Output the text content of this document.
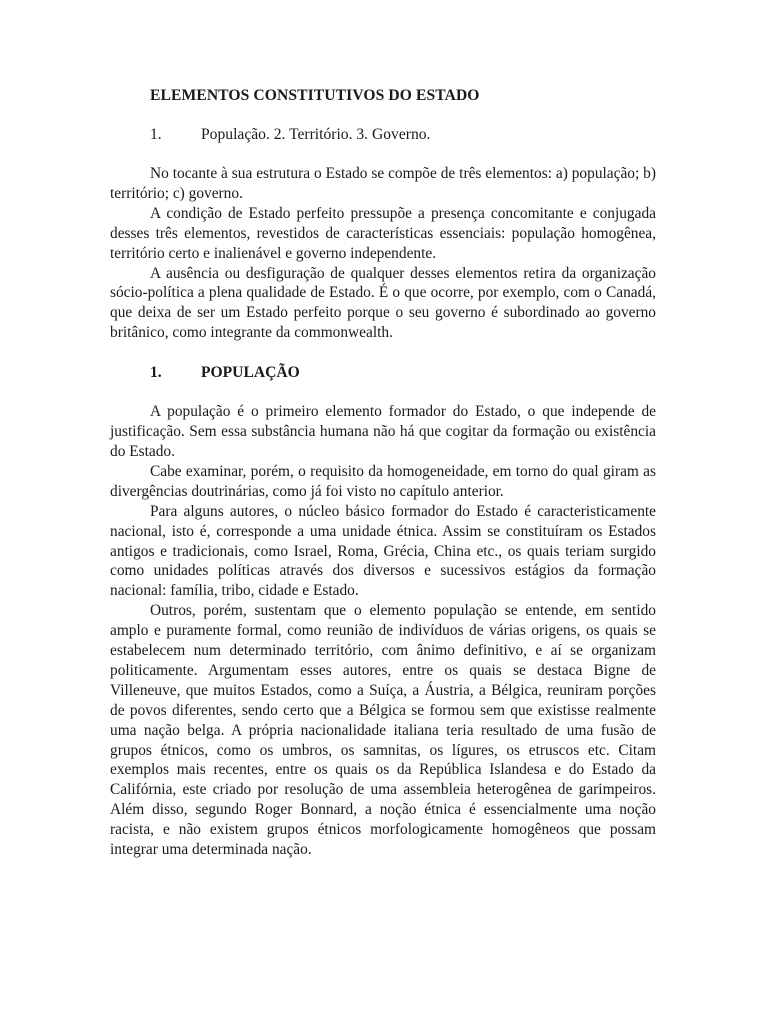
ELEMENTOS CONSTITUTIVOS DO ESTADO
1.	População. 2. Território. 3. Governo.

No tocante à sua estrutura o Estado se compõe de três elementos: a) população; b) território; c) governo.

A condição de Estado perfeito pressupõe a presença concomitante e conjugada desses três elementos, revestidos de características essenciais: população homogênea, território certo e inalienável e governo independente.

A ausência ou desfiguração de qualquer desses elementos retira da organização sócio-política a plena qualidade de Estado. É o que ocorre, por exemplo, com o Canadá, que deixa de ser um Estado perfeito porque o seu governo é subordinado ao governo britânico, como integrante da commonwealth.

1.	POPULAÇÃO

A população é o primeiro elemento formador do Estado, o que independe de justificação. Sem essa substância humana não há que cogitar da formação ou existência do Estado.

Cabe examinar, porém, o requisito da homogeneidade, em torno do qual giram as divergências doutrinárias, como já foi visto no capítulo anterior.

Para alguns autores, o núcleo básico formador do Estado é caracteristicamente nacional, isto é, corresponde a uma unidade étnica. Assim se constituíram os Estados antigos e tradicionais, como Israel, Roma, Grécia, China etc., os quais teriam surgido como unidades políticas através dos diversos e sucessivos estágios da formação nacional: família, tribo, cidade e Estado.

Outros, porém, sustentam que o elemento população se entende, em sentido amplo e puramente formal, como reunião de indivíduos de várias origens, os quais se estabelecem num determinado território, com ânimo definitivo, e aí se organizam politicamente. Argumentam esses autores, entre os quais se destaca Bigne de Villeneuve, que muitos Estados, como a Suíça, a Áustria, a Bélgica, reuniram porções de povos diferentes, sendo certo que a Bélgica se formou sem que existisse realmente uma nação belga. A própria nacionalidade italiana teria resultado de uma fusão de grupos étnicos, como os umbros, os samnitas, os lígures, os etruscos etc. Citam exemplos mais recentes, entre os quais os da República Islandesa e do Estado da Califórnia, este criado por resolução de uma assembleia heterogênea de garimpeiros. Além disso, segundo Roger Bonnard, a noção étnica é essencialmente uma noção racista, e não existem grupos étnicos morfologicamente homogêneos que possam integrar uma determinada nação.
